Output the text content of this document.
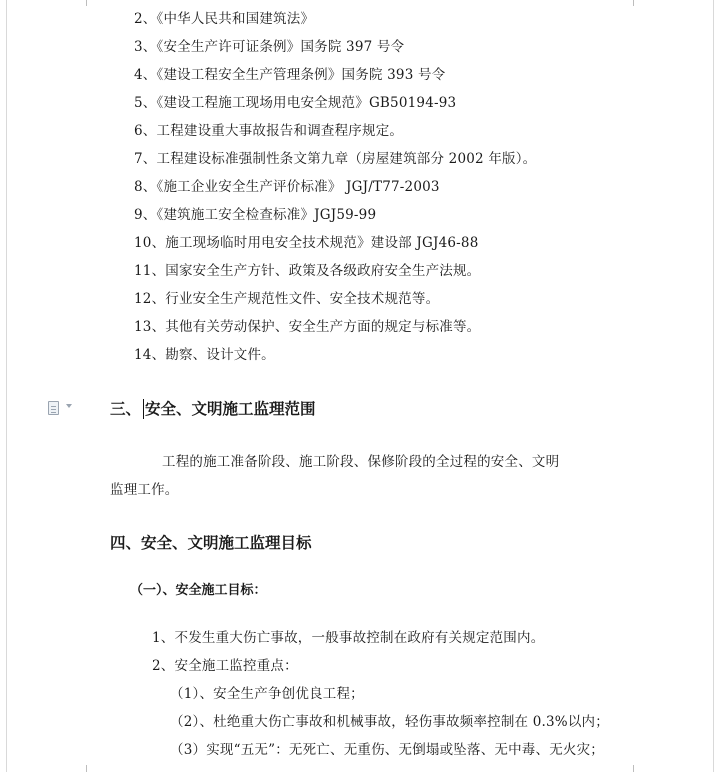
2、《中华人民共和国建筑法》
3、《安全生产许可证条例》国务院 397 号令
4、《建设工程安全生产管理条例》国务院 393 号令
5、《建设工程施工现场用电安全规范》GB50194-93
6、工程建设重大事故报告和调查程序规定。
7、工程建设标准强制性条文第九章（房屋建筑部分 2002 年版）。
8、《施工企业安全生产评价标准》 JGJ/T77-2003
9、《建筑施工安全检查标准》JGJ59-99
10、施工现场临时用电安全技术规范》建设部 JGJ46-88
11、国家安全生产方针、政策及各级政府安全生产法规。
12、行业安全生产规范性文件、安全技术规范等。
13、其他有关劳动保护、安全生产方面的规定与标准等。
14、勘察、设计文件。
三、 安全、文明施工监理范围
工程的施工准备阶段、施工阶段、保修阶段的全过程的安全、文明
监理工作。
四、安全、文明施工监理目标
（一）、安全施工目标：
1、不发生重大伤亡事故，一般事故控制在政府有关规定范围内。
2、安全施工监控重点：
（1）、安全生产争创优良工程；
（2）、杜绝重大伤亡事故和机械事故，轻伤事故频率控制在 0.3%以内；
（3）实现“五无”：无死亡、无重伤、无倒塌或坠落、无中毒、无火灾；
